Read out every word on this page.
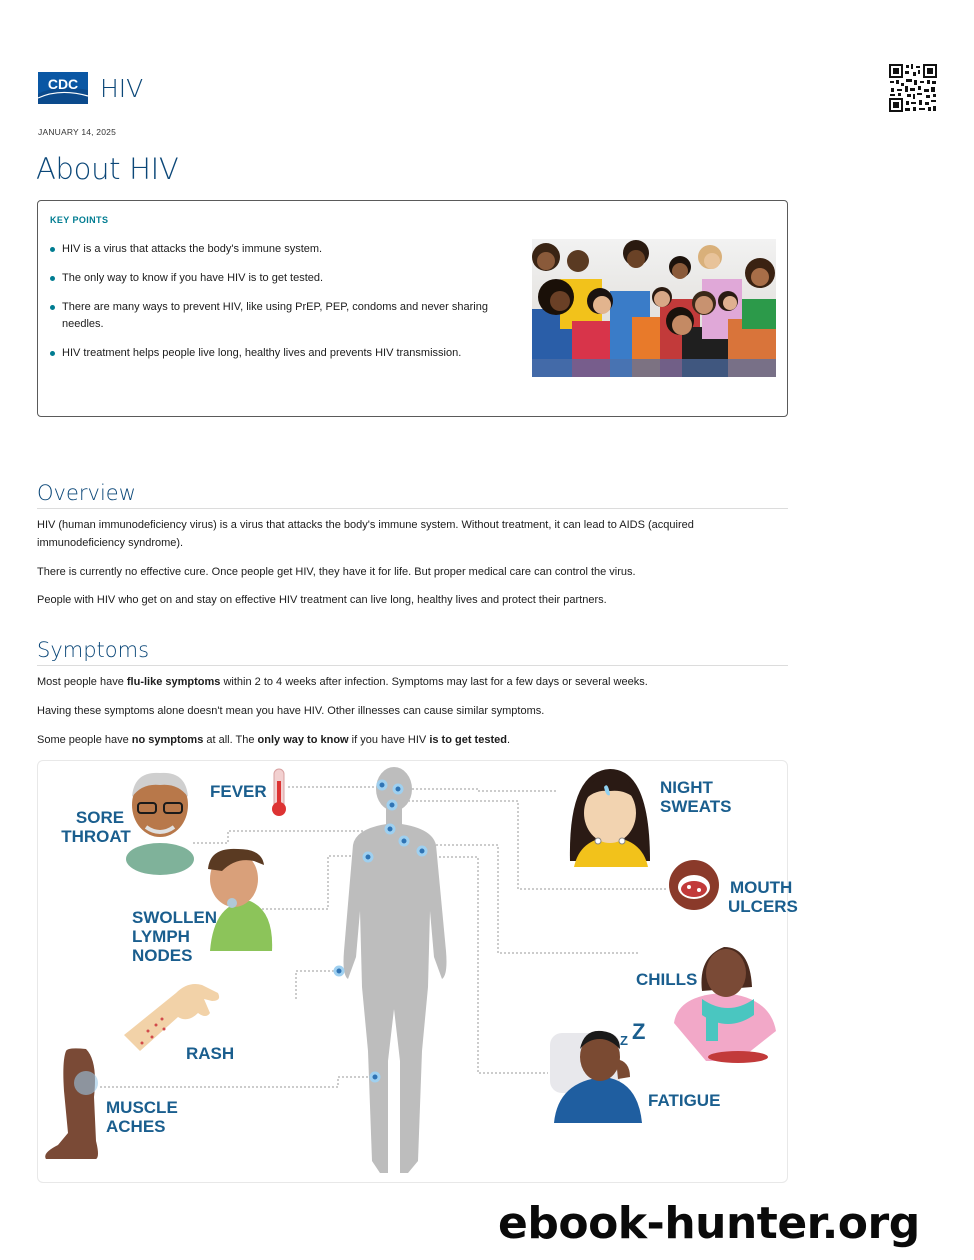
CDC HIV
JANUARY 14, 2025
About HIV
KEY POINTS
HIV is a virus that attacks the body's immune system.
The only way to know if you have HIV is to get tested.
There are many ways to prevent HIV, like using PrEP, PEP, condoms and never sharing needles.
HIV treatment helps people live long, healthy lives and prevents HIV transmission.
Overview

HIV (human immunodeficiency virus) is a virus that attacks the body's immune system. Without treatment, it can lead to AIDS (acquired immunodeficiency syndrome).

There is currently no effective cure. Once people get HIV, they have it for life. But proper medical care can control the virus.

People with HIV who get on and stay on effective HIV treatment can live long, healthy lives and protect their partners.

Symptoms

Most people have flu-like symptoms within 2 to 4 weeks after infection. Symptoms may last for a few days or several weeks.

Having these symptoms alone doesn't mean you have HIV. Other illnesses can cause similar symptoms.

Some people have no symptoms at all. The only way to know if you have HIV is to get tested.

SORE
THROAT
FEVER
SWOLLEN
LYMPH
NODES
RASH
MUSCLE
ACHES
NIGHT
SWEATS
MOUTH
ULCERS
CHILLS
Z Z
FATIGUE
ebook-hunter.org
